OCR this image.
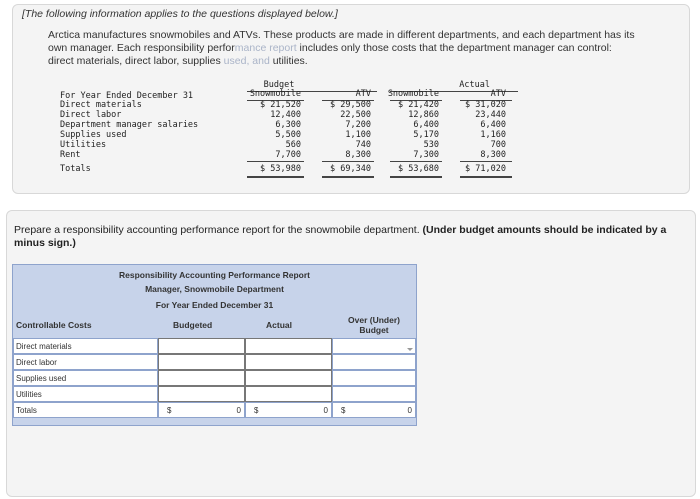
[The following information applies to the questions displayed below.]
Arctica manufactures snowmobiles and ATVs. These products are made in different departments, and each department has its own manager. Each responsibility performance report includes only those costs that the department manager can control: direct materials, direct labor, supplies used, and utilities.
Budget	Actual
For Year Ended December 31	Snowmobile	ATV	Snowmobile	ATV
Direct materials	$ 21,520	$ 29,500	$ 21,420	$ 31,020
Direct labor	12,400	22,500	12,860	23,440
Department manager salaries	6,300	7,200	6,400	6,400
Supplies used	5,500	1,100	5,170	1,160
Utilities	560	740	530	700
Rent	7,700	8,300	7,300	8,300
Totals	$ 53,980	$ 69,340	$ 53,680	$ 71,020
Prepare a responsibility accounting performance report for the snowmobile department. (Under budget amounts should be indicated by a minus sign.)
Responsibility Accounting Performance Report
Manager, Snowmobile Department
For Year Ended December 31
Controllable Costs	Budgeted	Actual	Over (Under) Budget
Direct materials
Direct labor
Supplies used
Utilities
Totals	$	0 $	0 $	0
